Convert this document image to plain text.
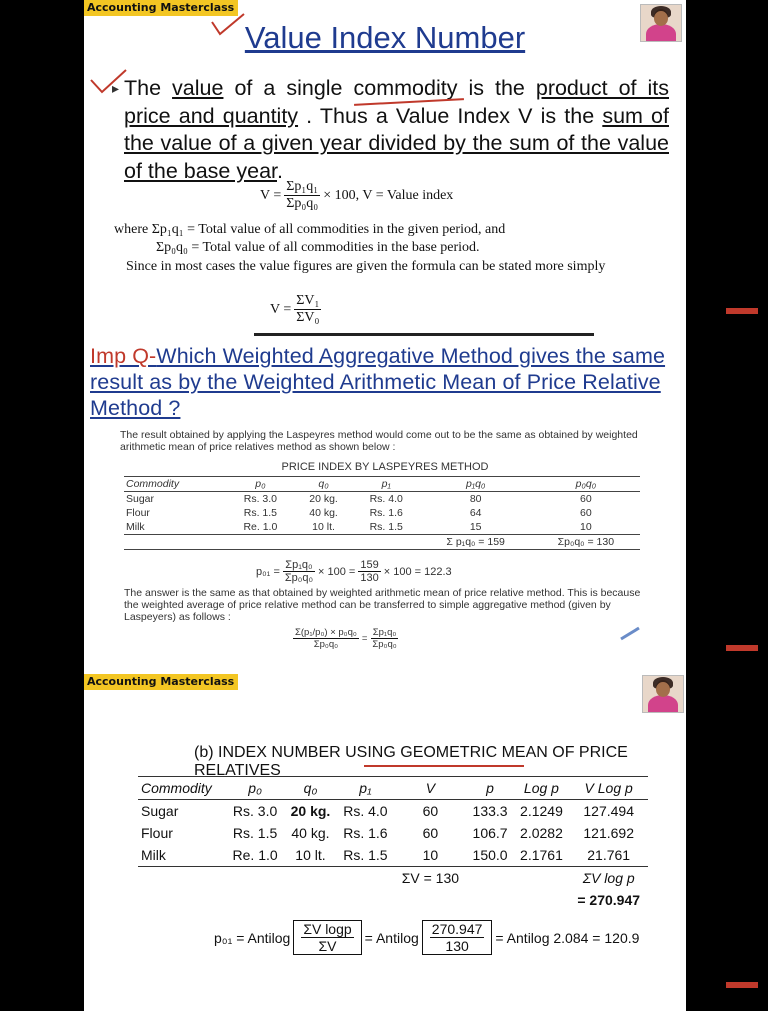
Accounting Masterclass
Value Index Number
▸ The value of a single commodity is the product of its price and quantity . Thus a Value Index V is the sum of the value of a given year divided by the sum of the value of the base year.
$V = \frac{\text{Σp₁q₁}}{\text{Σp₀q₀}} \times 100$, V = Value index
where Σp₁q₁ = Total value of all commodities in the given period, and
Σp₀q₀ = Total value of all commodities in the base period.
Since in most cases the value figures are given the formula can be stated more simply
$V = \frac{\text{ΣV₁}}{\text{ΣV₀}}$
Imp Q-Which Weighted Aggregative Method gives the same result as by the Weighted Arithmetic Mean of Price Relative Method ?
The result obtained by applying the Laspeyres method would come out to be the same as obtained by weighted arithmetic mean of price relatives method as shown below :
PRICE INDEX BY LASPEYRES METHOD
Commodity	p₀	q₀	p₁	p₁q₀	p₀q₀
Sugar	Rs. 3.0	20 kg.	Rs. 4.0	80	60
Flour	Rs. 1.5	40 kg.	Rs. 1.6	64	60
Milk	Re. 1.0	10 lt.	Rs. 1.5	15	10
				Σ p₁q₀ = 159	Σp₀q₀ = 130
$p_{01} = \frac{\text{Σp₁q₀}}{\text{Σp₀q₀}} \times 100 = \frac{159}{130} \times 100 = 122.3$
The answer is the same as that obtained by weighted arithmetic mean of price relative method. This is because the weighted average of price relative method can be transferred to simple aggregative method (given by Laspeyers) as follows :
$\frac{\text{Σ(p₁/p₀) × p₀q₀}}{\text{Σp₀q₀}} = \frac{\text{Σp₁q₀}}{\text{Σp₀q₀}}$
Accounting Masterclass
(b) INDEX NUMBER USING GEOMETRIC MEAN OF PRICE RELATIVES
Commodity	p₀	q₀	p₁	V	p	Log p	V Log p
Sugar	Rs. 3.0	20 kg.	Rs. 4.0	60	133.3	2.1249	127.494
Flour	Rs. 1.5	40 kg.	Rs. 1.6	60	106.7	2.0282	121.692
Milk	Re. 1.0	10 lt.	Rs. 1.5	10	150.0	2.1761	21.761
				ΣV = 130			ΣV log p
							= 270.947
p₀₁ = Antilog $\frac{\text{ΣV logp}}{\Sigma V}$ = Antilog $\frac{270.947}{130}$ = Antilog 2.084 = 120.9
